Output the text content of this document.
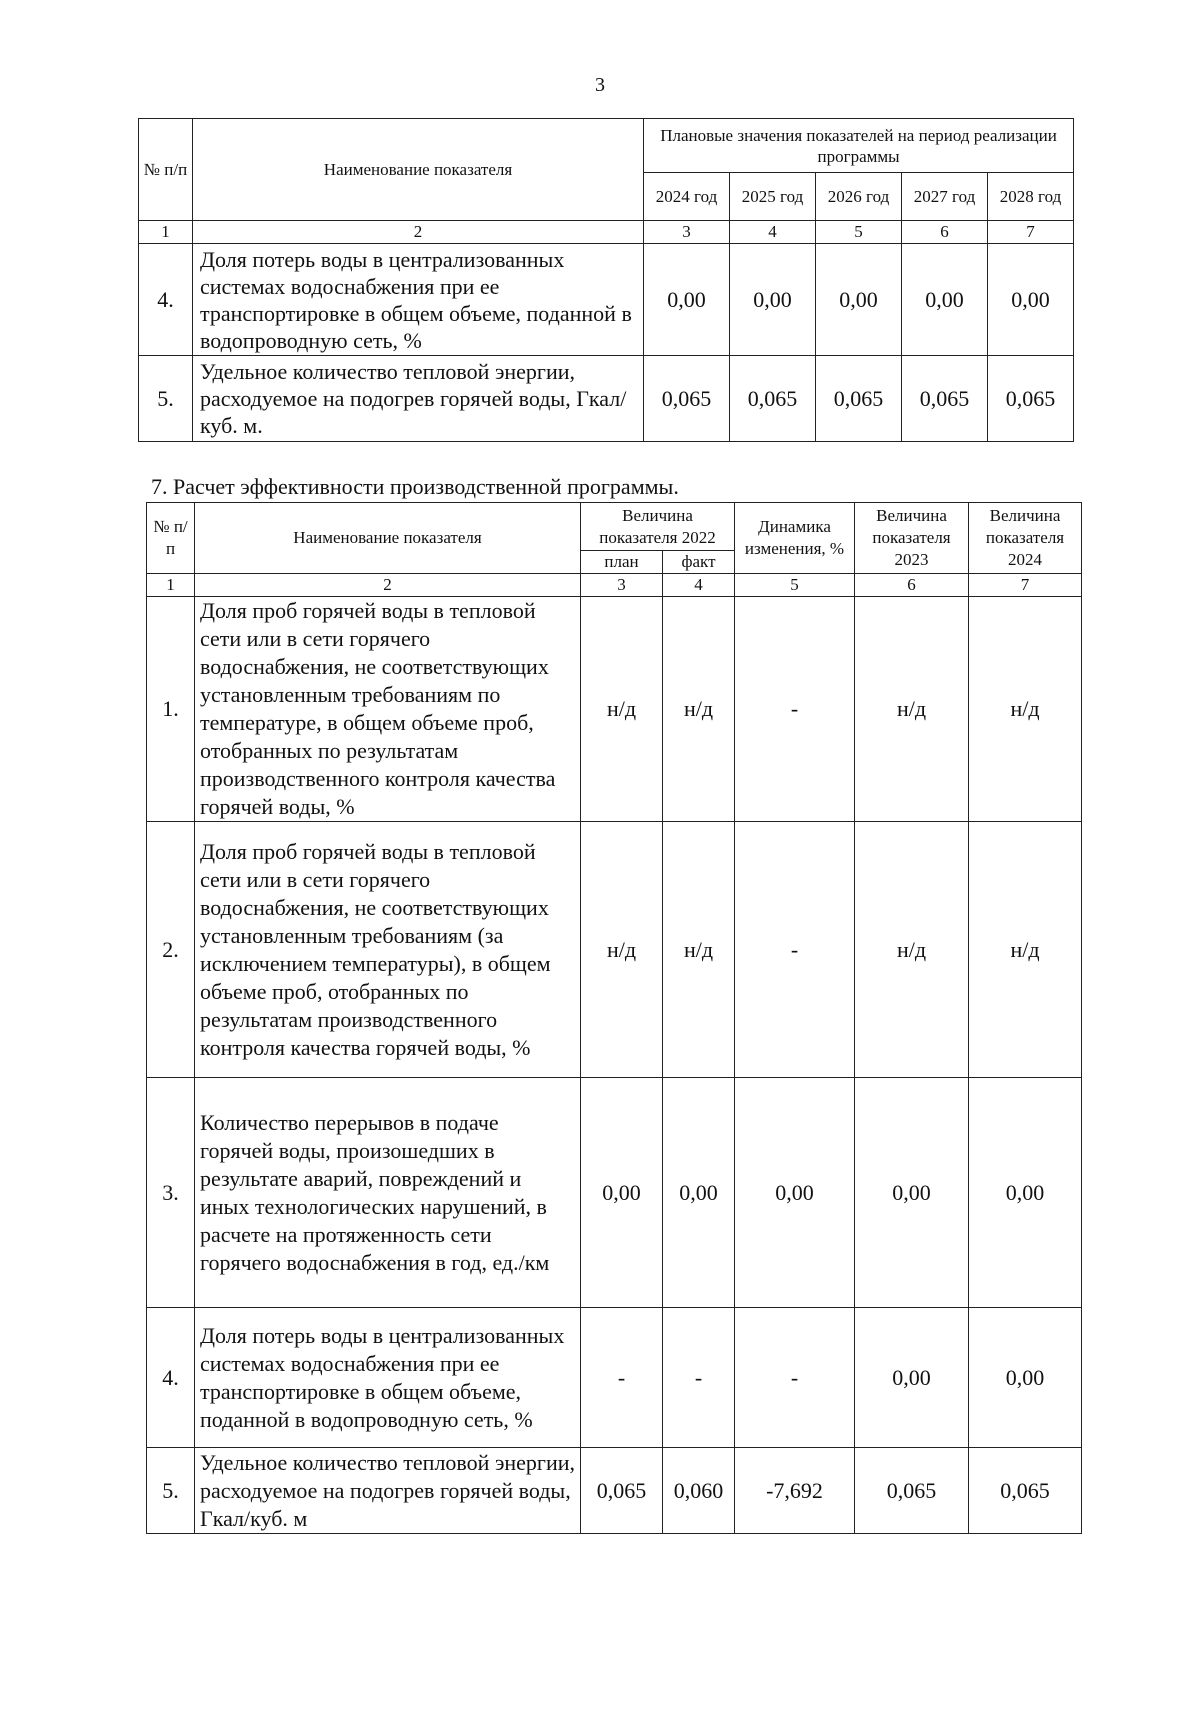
3
№ п/п	Наименование показателя	Плановые значения показателей на период реализации программы				
		2024 год	2025 год	2026 год	2027 год	2028 год
1	2	3	4	5	6	7
4.	Доля потерь воды в централизованных системах водоснабжения при ее транспортировке в общем объеме, поданной в водопроводную сеть, %	0,00	0,00	0,00	0,00	0,00
5.	Удельное количество тепловой энергии, расходуемое на подогрев горячей воды, Гкал/куб. м.	0,065	0,065	0,065	0,065	0,065
7. Расчет эффективности производственной программы.
№ п/п	Наименование показателя	Величина показателя 2022		Динамика изменения, %	Величина показателя 2023	Величина показателя 2024
		план	факт			
1	2	3	4	5	6	7
1.	Доля проб горячей воды в тепловой сети или в сети горячего водоснабжения, не соответствующих установленным требованиям по температуре, в общем объеме проб, отобранных по результатам производственного контроля качества горячей воды, %	н/д	н/д	-	н/д	н/д
2.	Доля проб горячей воды в тепловой сети или в сети горячего водоснабжения, не соответствующих установленным требованиям (за исключением температуры), в общем объеме проб, отобранных по результатам производственного контроля качества горячей воды, %	н/д	н/д	-	н/д	н/д
3.	Количество перерывов в подаче горячей воды, произошедших в результате аварий, повреждений и иных технологических нарушений, в расчете на протяженность сети горячего водоснабжения в год, ед./км	0,00	0,00	0,00	0,00	0,00
4.	Доля потерь воды в централизованных системах водоснабжения при ее транспортировке в общем объеме, поданной в водопроводную сеть, %	-	-	-	0,00	0,00
5.	Удельное количество тепловой энергии, расходуемое на подогрев горячей воды, Гкал/куб. м	0,065	0,060	-7,692	0,065	0,065
